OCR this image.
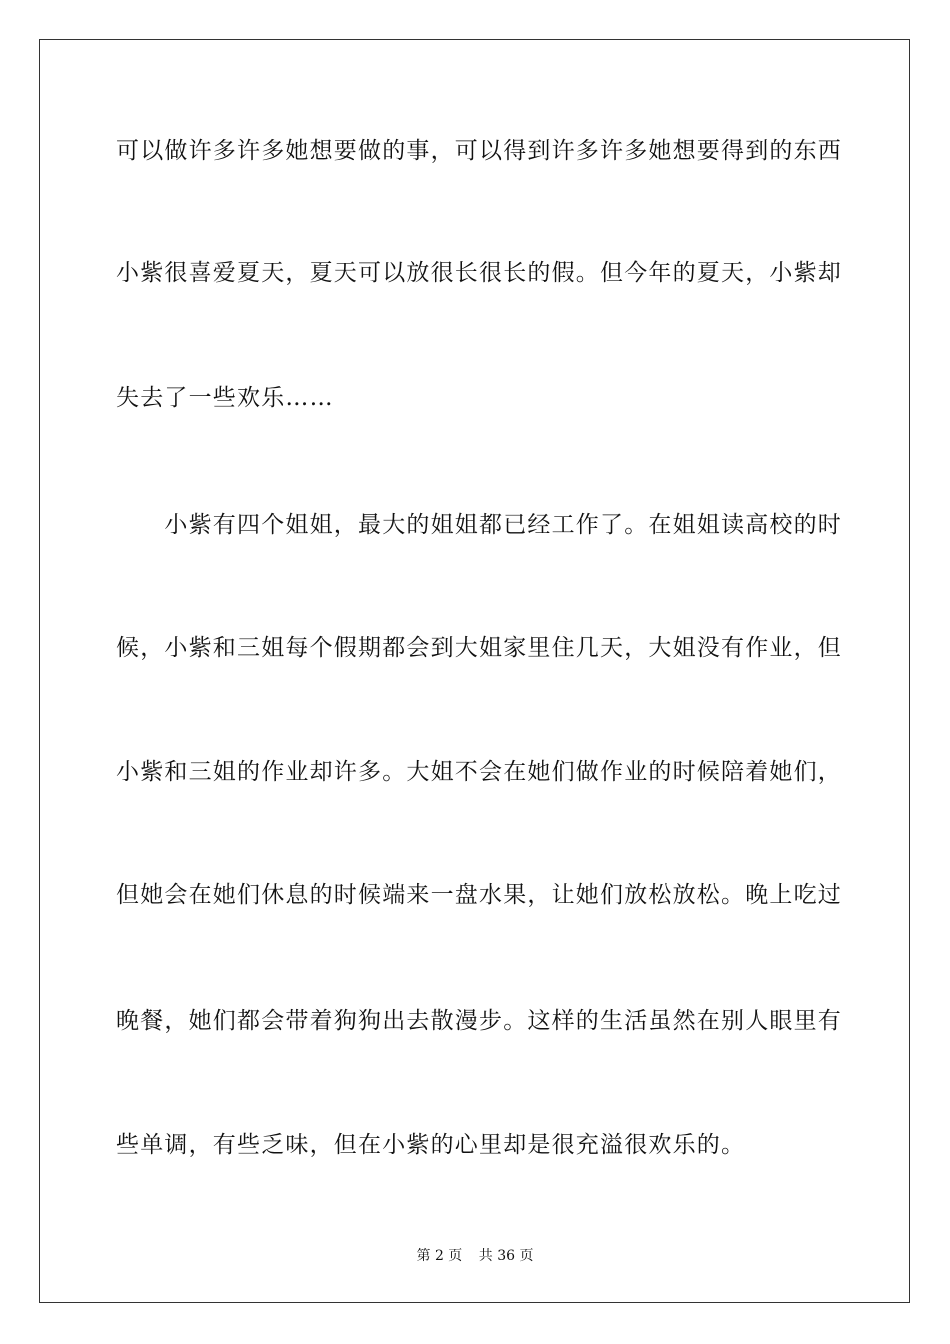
可以做许多许多她想要做的事，可以得到许多许多她想要得到的东西
小紫很喜爱夏天，夏天可以放很长很长的假。但今年的夏天，小紫却
失去了一些欢乐……
　　小紫有四个姐姐，最大的姐姐都已经工作了。在姐姐读高校的时
候，小紫和三姐每个假期都会到大姐家里住几天，大姐没有作业，但
小紫和三姐的作业却许多。大姐不会在她们做作业的时候陪着她们，
但她会在她们休息的时候端来一盘水果，让她们放松放松。晚上吃过
晚餐，她们都会带着狗狗出去散漫步。这样的生活虽然在别人眼里有
些单调，有些乏味，但在小紫的心里却是很充溢很欢乐的。
第 2 页 共 36 页
